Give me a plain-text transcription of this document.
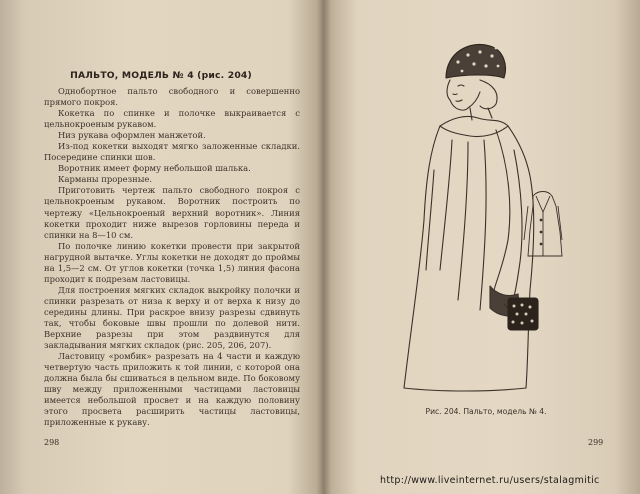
ПАЛЬТО, МОДЕЛЬ № 4 (рис. 204)

Однобортное пальто свободного и совершенно прямого покроя.

Кокетка по спинке и полочке выкраивается с цельнокроеным рукавом.

Низ рукава оформлен манжетой.

Из-под кокетки выходят мягко заложенные складки. Посередине спинки шов.

Воротник имеет форму небольшой шалька.

Карманы прорезные.

Приготовить чертеж пальто свободного покроя с цельнокроеным рукавом. Воротник построить по чертежу «Цельнокроеный верхний воротник». Линия кокетки проходит ниже вырезов горловины переда и спинки на 8—10 см.

По полочке линию кокетки провести при закрытой нагрудной вытачке. Углы кокетки не доходят до проймы на 1,5—2 см. От углов кокетки (точка 1,5) линия фасона проходит к подрезам ластовицы.

Для построения мягких складок выкройку полочки и спинки разрезать от низа к верху и от верха к низу до середины длины. При раскрое внизу разрезы сдвинуть так, чтобы боковые швы прошли по долевой нити. Верхние разрезы при этом раздвинутся для закладывания мягких складок (рис. 205, 206, 207).

Ластовицу «ромбик» разрезать на 4 части и каждую четвертую часть приложить к той линии, с которой она должна была бы сшиваться в цельном виде. По боковому шву между приложенными частицами ластовицы имеется небольшой просвет и на каждую половину этого просвета расширить частицы ластовицы, приложенные к рукаву.

298
Рис. 204. Пальто, модель № 4.
299
http://www.liveinternet.ru/users/stalagmitic
